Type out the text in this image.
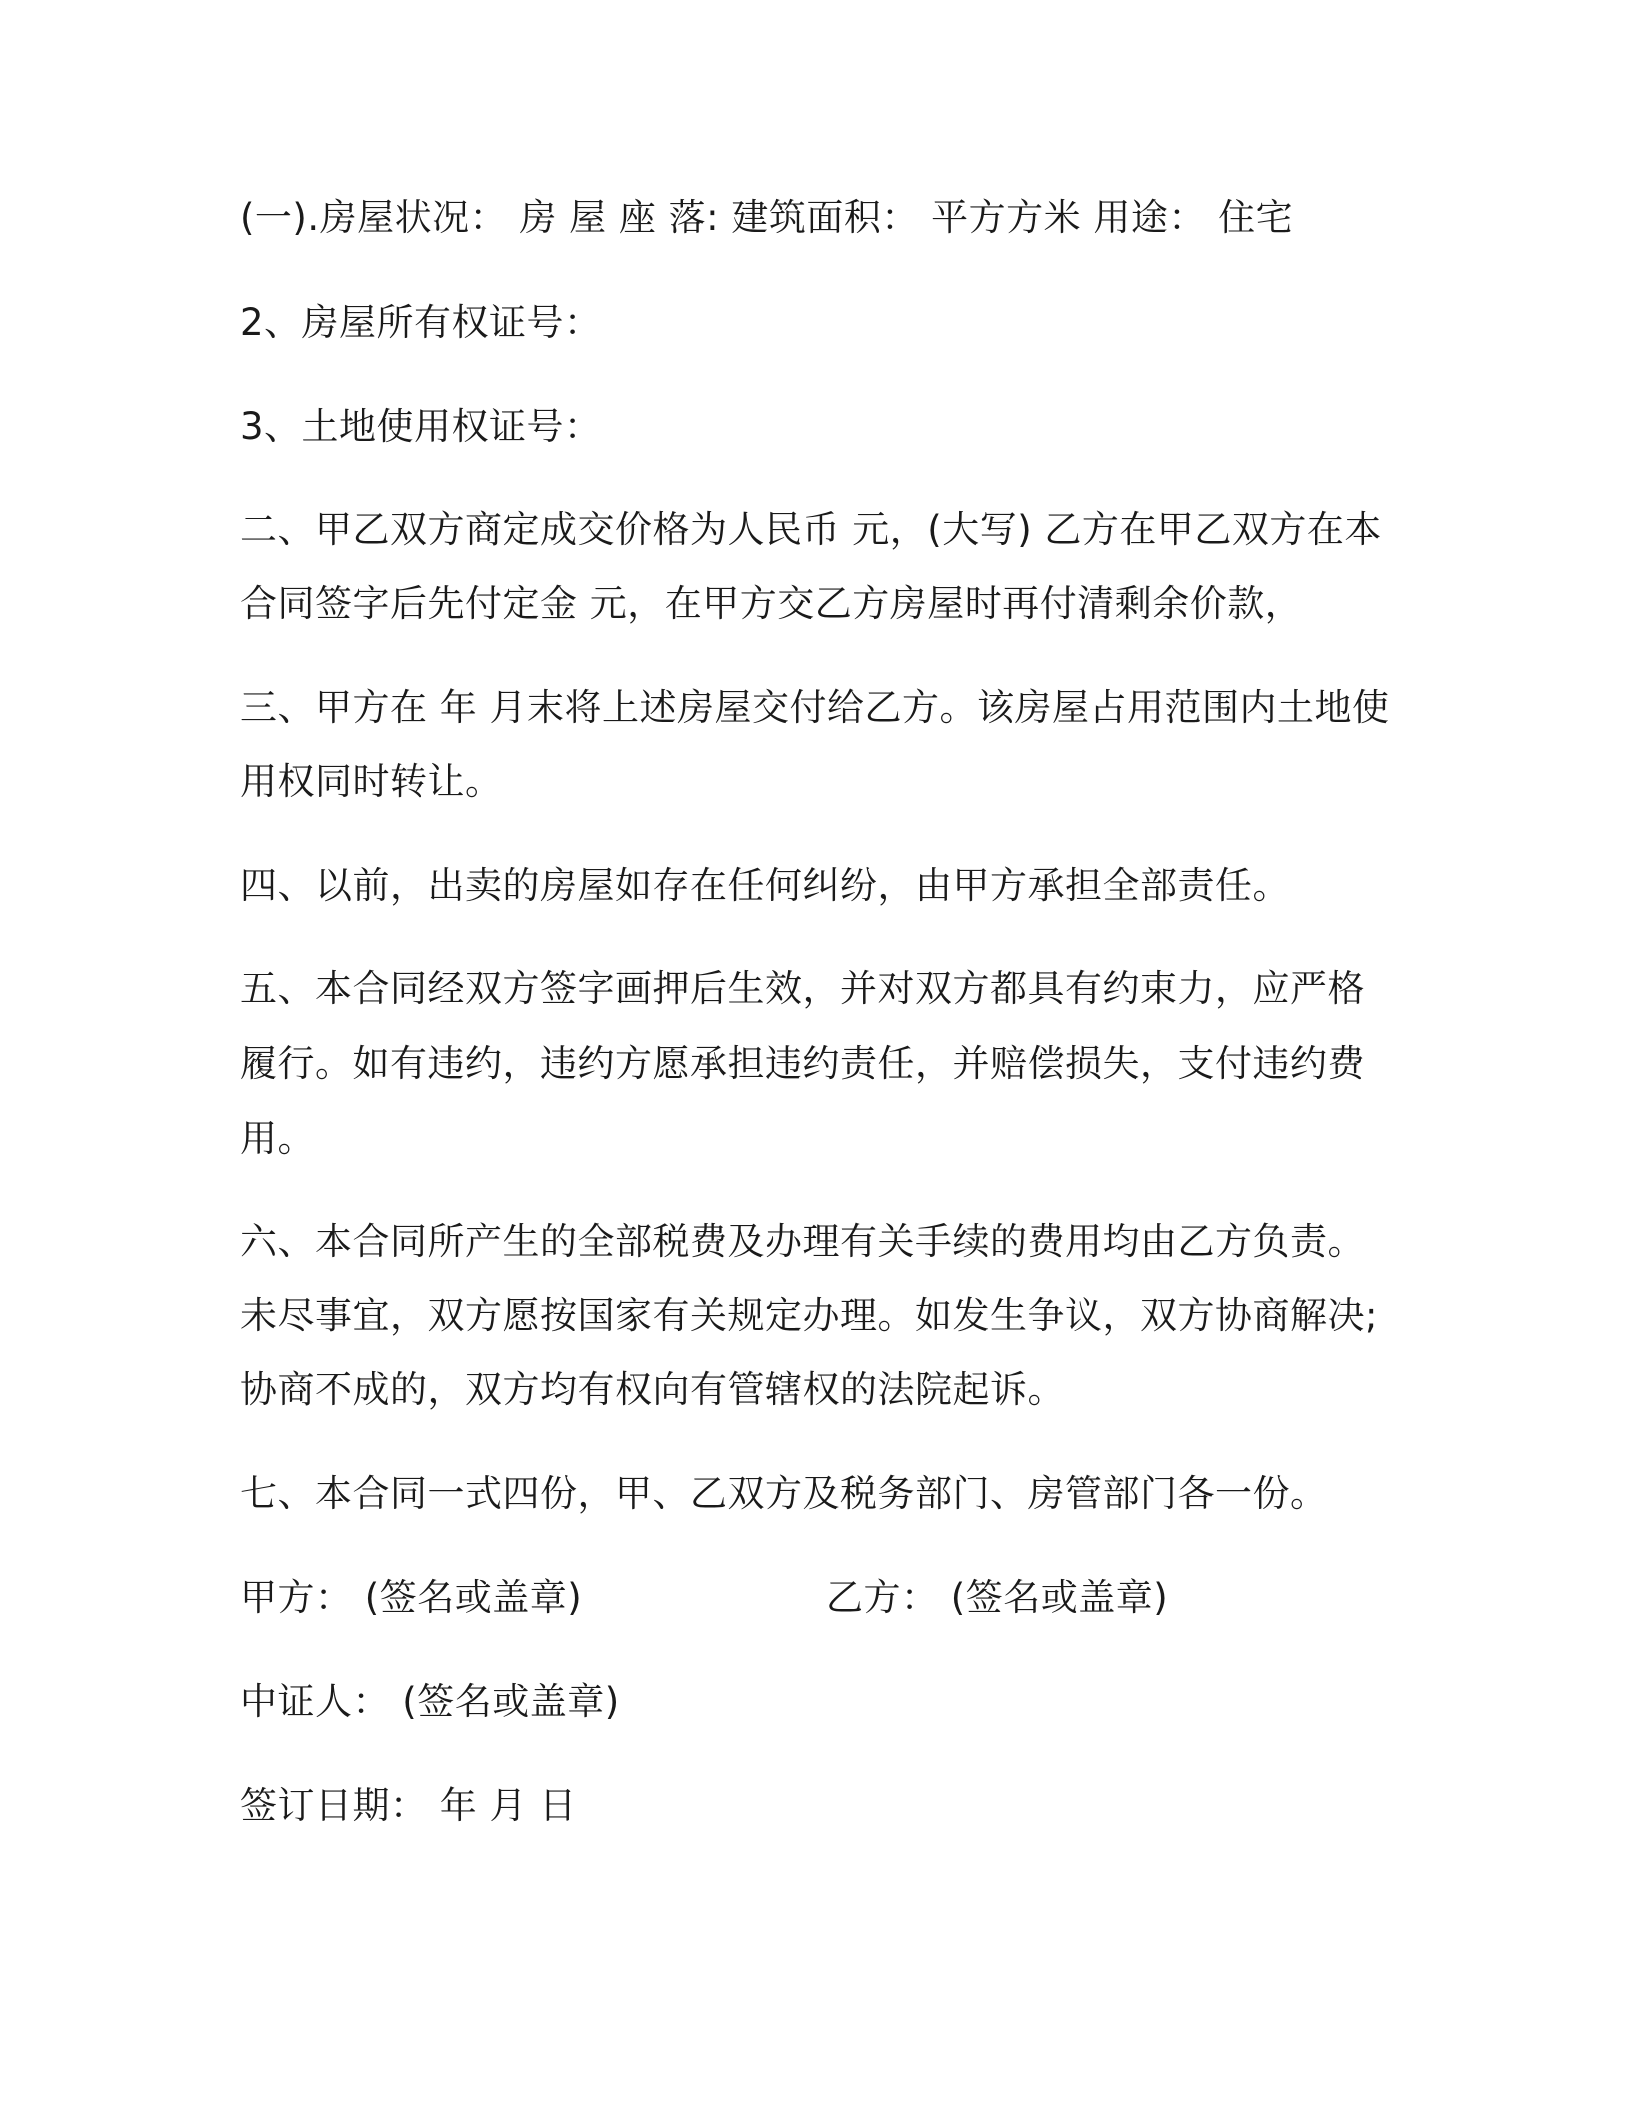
(一).房屋状况： 房 屋 座 落: 建筑面积： 平方方米 用途： 住宅
2、房屋所有权证号：
3、土地使用权证号：
二、甲乙双方商定成交价格为人民币 元，(大写) 乙方在甲乙双方在本
合同签字后先付定金 元，在甲方交乙方房屋时再付清剩余价款，
三、甲方在 年 月末将上述房屋交付给乙方。该房屋占用范围内土地使
用权同时转让。
四、以前，出卖的房屋如存在任何纠纷，由甲方承担全部责任。
五、本合同经双方签字画押后生效，并对双方都具有约束力，应严格
履行。如有违约，违约方愿承担违约责任，并赔偿损失，支付违约费
用。
六、本合同所产生的全部税费及办理有关手续的费用均由乙方负责。
未尽事宜，双方愿按国家有关规定办理。如发生争议，双方协商解决;
协商不成的，双方均有权向有管辖权的法院起诉。
七、本合同一式四份，甲、乙双方及税务部门、房管部门各一份。
甲方： (签名或盖章)	乙方： (签名或盖章)
中证人： (签名或盖章)
签订日期： 年 月 日
